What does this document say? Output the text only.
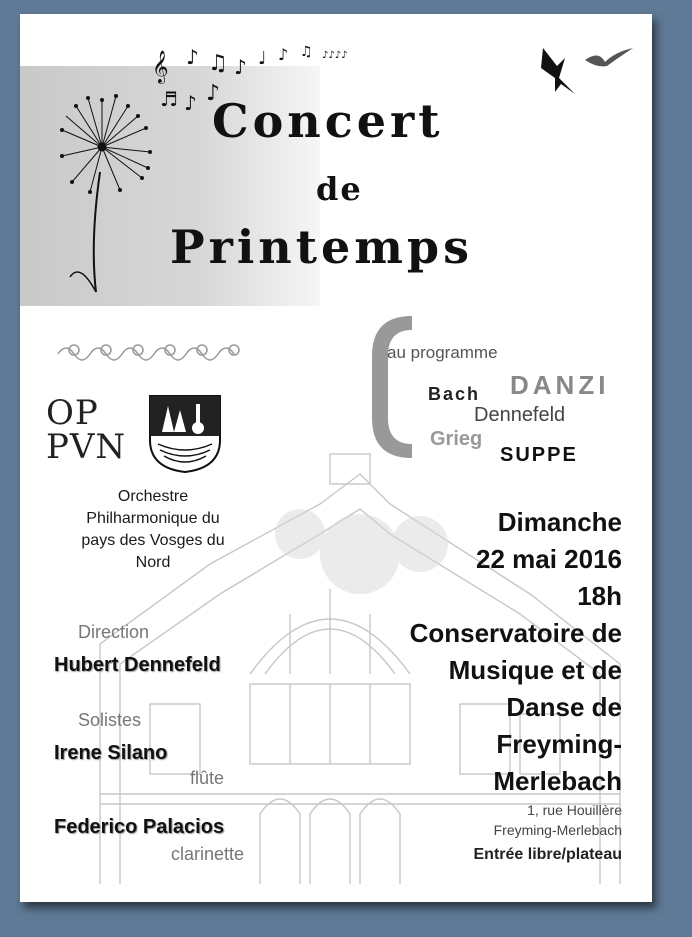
𝄞 ♪ ♫ ♪ ♩ ♪ ♫ ♪♪♪♪
♬ ♪ ♪
Concert
de
Printemps
OP
PVN
Orchestre
Philharmonique du
pays des Vosges du
Nord
Direction
Hubert Dennefeld
Solistes
Irene Silano
flûte
Federico Palacios
clarinette
au programme
DANZI
Bach
Dennefeld
Grieg
SUPPE
Dimanche
22 mai 2016
18h
Conservatoire de
Musique et de
Danse de
Freyming-
Merlebach
1, rue Houillère
Freyming-Merlebach
Entrée libre/plateau
